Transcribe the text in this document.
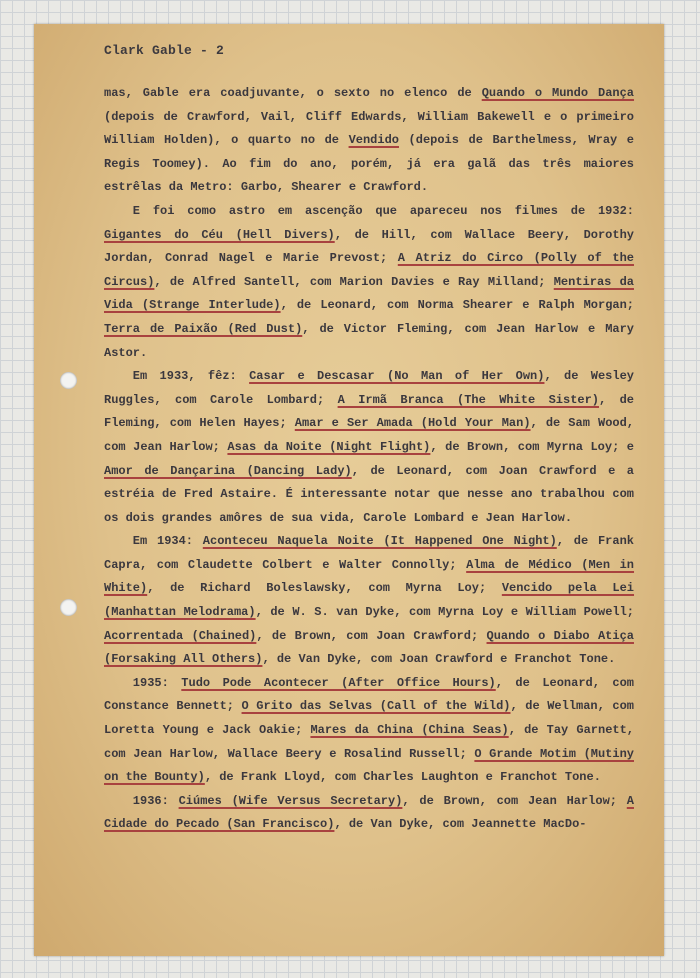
Clark Gable - 2

mas, Gable era coadjuvante, o sexto no elenco de Quando o Mundo Dança (depois de Crawford, Vail, Cliff Edwards, William Bakewell e o primeiro William Holden), o quarto no de Vendido (depois de Barthelmess, Wray e Regis Toomey). Ao fim do ano, porém, já era galã das três maiores estrêlas da Metro: Garbo, Shearer e Crawford.

E foi como astro em ascenção que apareceu nos filmes de 1932: Gigantes do Céu (Hell Divers), de Hill, com Wallace Beery, Dorothy Jordan, Conrad Nagel e Marie Prevost; A Atriz do Circo (Polly of the Circus), de Alfred Santell, com Marion Davies e Ray Milland; Mentiras da Vida (Strange Interlude), de Leonard, com Norma Shearer e Ralph Morgan; Terra de Paixão (Red Dust), de Victor Fleming, com Jean Harlow e Mary Astor.

Em 1933, fêz: Casar e Descasar (No Man of Her Own), de Wesley Ruggles, com Carole Lombard; A Irmã Branca (The White Sister), de Fleming, com Helen Hayes; Amar e Ser Amada (Hold Your Man), de Sam Wood, com Jean Harlow; Asas da Noite (Night Flight), de Brown, com Myrna Loy; e Amor de Dançarina (Dancing Lady), de Leonard, com Joan Crawford e a estréia de Fred Astaire. É interessante notar que nesse ano trabalhou com os dois grandes amôres de sua vida, Carole Lombard e Jean Harlow.

Em 1934: Aconteceu Naquela Noite (It Happened One Night), de Frank Capra, com Claudette Colbert e Walter Connolly; Alma de Médico (Men in White), de Richard Boleslawsky, com Myrna Loy; Vencido pela Lei (Manhattan Melodrama), de W. S. van Dyke, com Myrna Loy e William Powell; Acorrentada (Chained), de Brown, com Joan Crawford; Quando o Diabo Atiça (Forsaking All Others), de Van Dyke, com Joan Crawford e Franchot Tone.

1935: Tudo Pode Acontecer (After Office Hours), de Leonard, com Constance Bennett; O Grito das Selvas (Call of the Wild), de Wellman, com Loretta Young e Jack Oakie; Mares da China (China Seas), de Tay Garnett, com Jean Harlow, Wallace Beery e Rosalind Russell; O Grande Motim (Mutiny on the Bounty), de Frank Lloyd, com Charles Laughton e Franchot Tone.

1936: Ciúmes (Wife Versus Secretary), de Brown, com Jean Harlow; A Cidade do Pecado (San Francisco), de Van Dyke, com Jeannette MacDo-
